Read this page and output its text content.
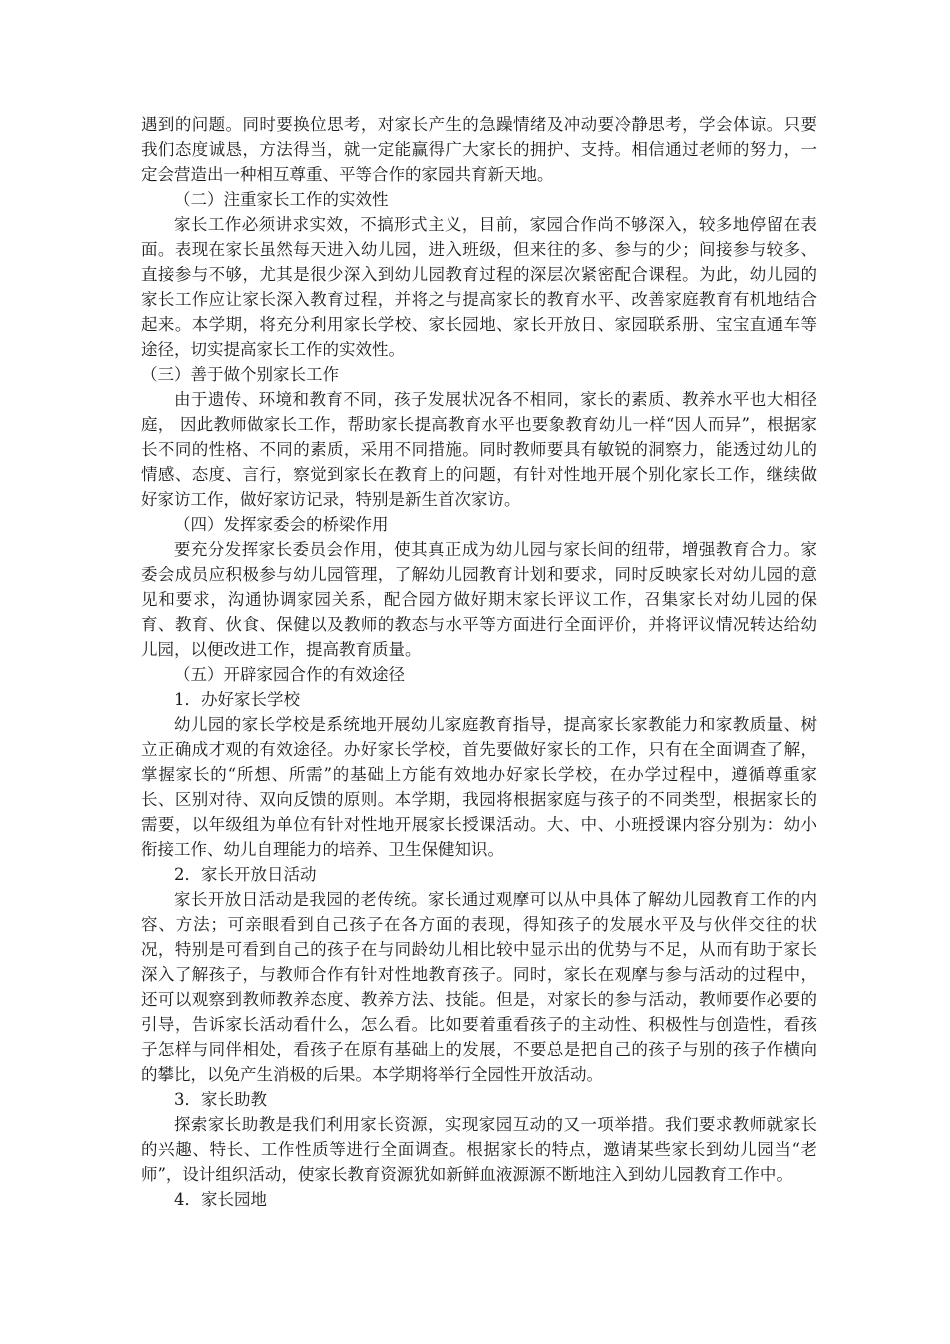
遇到的问题。同时要换位思考，对家长产生的急躁情绪及冲动要冷静思考，学会体谅。只要我们态度诚恳，方法得当，就一定能赢得广大家长的拥护、支持。相信通过老师的努力，一定会营造出一种相互尊重、平等合作的家园共育新天地。

（二）注重家长工作的实效性

家长工作必须讲求实效，不搞形式主义，目前，家园合作尚不够深入，较多地停留在表面。表现在家长虽然每天进入幼儿园，进入班级，但来往的多、参与的少；间接参与较多、直接参与不够，尤其是很少深入到幼儿园教育过程的深层次紧密配合课程。为此，幼儿园的家长工作应让家长深入教育过程，并将之与提高家长的教育水平、改善家庭教育有机地结合起来。本学期，将充分利用家长学校、家长园地、家长开放日、家园联系册、宝宝直通车等途径，切实提高家长工作的实效性。

（三）善于做个别家长工作

由于遗传、环境和教育不同，孩子发展状况各不相同，家长的素质、教养水平也大相径庭， 因此教师做家长工作，帮助家长提高教育水平也要象教育幼儿一样“因人而异”，根据家长不同的性格、不同的素质，采用不同措施。同时教师要具有敏锐的洞察力，能透过幼儿的情感、态度、言行，察觉到家长在教育上的问题，有针对性地开展个别化家长工作，继续做好家访工作，做好家访记录，特别是新生首次家访。

（四）发挥家委会的桥梁作用

要充分发挥家长委员会作用，使其真正成为幼儿园与家长间的纽带，增强教育合力。家委会成员应积极参与幼儿园管理，了解幼儿园教育计划和要求，同时反映家长对幼儿园的意见和要求，沟通协调家园关系，配合园方做好期末家长评议工作，召集家长对幼儿园的保育、教育、伙食、保健以及教师的教态与水平等方面进行全面评价，并将评议情况转达给幼儿园，以便改进工作，提高教育质量。

（五）开辟家园合作的有效途径

1．办好家长学校

幼儿园的家长学校是系统地开展幼儿家庭教育指导，提高家长家教能力和家教质量、树立正确成才观的有效途径。办好家长学校，首先要做好家长的工作，只有在全面调查了解，掌握家长的“所想、所需”的基础上方能有效地办好家长学校，在办学过程中，遵循尊重家长、区别对待、双向反馈的原则。本学期，我园将根据家庭与孩子的不同类型，根据家长的需要，以年级组为单位有针对性地开展家长授课活动。大、中、小班授课内容分别为：幼小衔接工作、幼儿自理能力的培养、卫生保健知识。

2．家长开放日活动

家长开放日活动是我园的老传统。家长通过观摩可以从中具体了解幼儿园教育工作的内容、方法；可亲眼看到自己孩子在各方面的表现，得知孩子的发展水平及与伙伴交往的状况，特别是可看到自己的孩子在与同龄幼儿相比较中显示出的优势与不足，从而有助于家长深入了解孩子，与教师合作有针对性地教育孩子。同时，家长在观摩与参与活动的过程中，还可以观察到教师教养态度、教养方法、技能。但是，对家长的参与活动，教师要作必要的引导，告诉家长活动看什么，怎么看。比如要着重看孩子的主动性、积极性与创造性，看孩子怎样与同伴相处，看孩子在原有基础上的发展，不要总是把自己的孩子与别的孩子作横向的攀比，以免产生消极的后果。本学期将举行全园性开放活动。

3．家长助教

探索家长助教是我们利用家长资源，实现家园互动的又一项举措。我们要求教师就家长的兴趣、特长、工作性质等进行全面调查。根据家长的特点，邀请某些家长到幼儿园当“老师”，设计组织活动，使家长教育资源犹如新鲜血液源源不断地注入到幼儿园教育工作中。

4．家长园地
